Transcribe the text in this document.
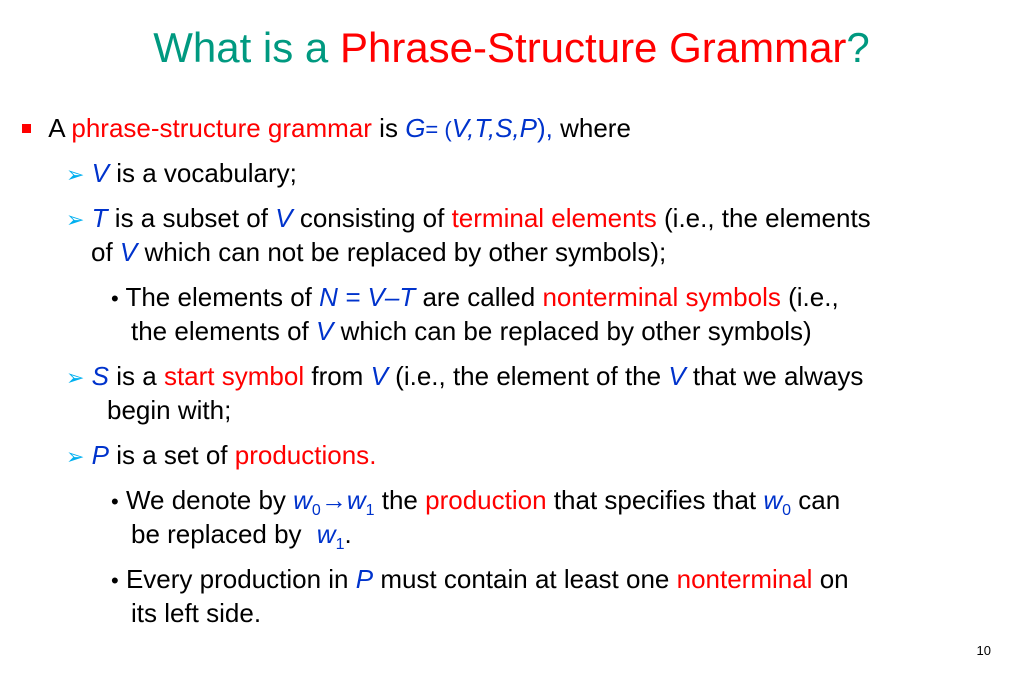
What is a Phrase-Structure Grammar?
A phrase-structure grammar is G= (V,T,S,P), where
➢ V is a vocabulary;
➢ T is a subset of V consisting of terminal elements (i.e., the elements
of V which can not be replaced by other symbols);
• The elements of N = V–T are called nonterminal symbols (i.e.,
the elements of V which can be replaced by other symbols)
➢ S is a start symbol from V (i.e., the element of the V that we always
begin with;
➢ P is a set of productions.
• We denote by $w_0\to w_1$ the production that specifies that $w_0$ can
be replaced by $w_1$.
• Every production in P must contain at least one nonterminal on
its left side.
10
